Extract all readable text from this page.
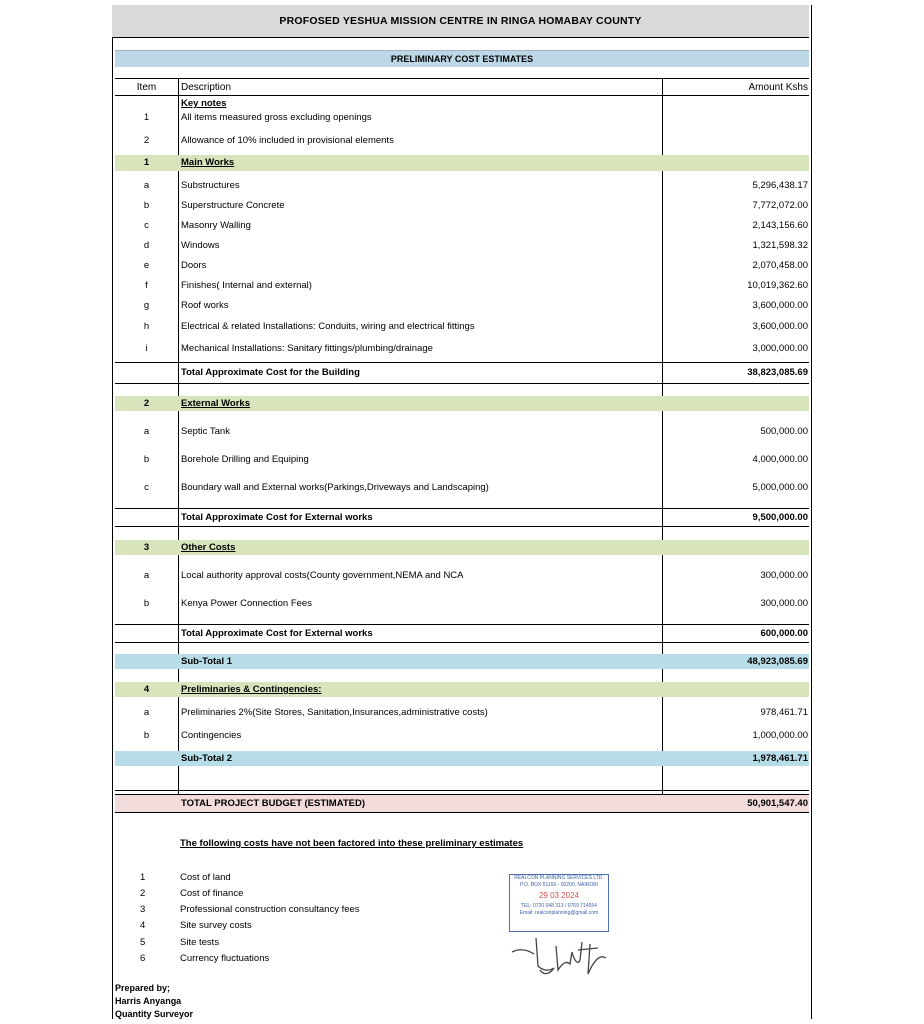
PROFOSED YESHUA MISSION CENTRE IN RINGA HOMABAY COUNTY
PRELIMINARY COST ESTIMATES
Item	Description	Amount Kshs
Key notes
1	All items measured gross excluding openings
2	Allowance of 10% included in provisional elements
1	Main Works
a	Substructures	5,296,438.17
b	Superstructure Concrete	7,772,072.00
c	Masonry Walling	2,143,156.60
d	Windows	1,321,598.32
e	Doors	2,070,458.00
f	Finishes( Internal and external)	10,019,362.60
g	Roof works	3,600,000.00
h	Electrical & related Installations: Conduits, wiring and electrical fittings	3,600,000.00
i	Mechanical Installations: Sanitary fittings/plumbing/drainage	3,000,000.00
Total Approximate Cost for the Building	38,823,085.69
2	External Works
a	Septic Tank	500,000.00
b	Borehole Drilling and Equiping	4,000,000.00
c	Boundary wall and External works(Parkings,Driveways and Landscaping)	5,000,000.00
Total Approximate Cost for External works	9,500,000.00
3	Other Costs
a	Local authority approval costs(County government,NEMA and NCA	300,000.00
b	Kenya Power Connection Fees	300,000.00
Total Approximate Cost for External works	600,000.00
Sub-Total 1	48,923,085.69
4	Preliminaries & Contingencies:
a	Preliminaries 2%(Site Stores, Sanitation,Insurances,administrative costs)	978,461.71
b	Contingencies	1,000,000.00
Sub-Total 2	1,978,461.71
TOTAL PROJECT BUDGET (ESTIMATED)	50,901,547.40
The following costs have not been factored into these preliminary estimates
1	Cost of land
2	Cost of finance
3	Professional construction consultancy fees
4	Site survey costs
5	Site tests
6	Currency fluctuations
REALCON PLANNING SERVICES LTD.
P.O. BOX 51150 - 00200, NAIROBI
29 03 2024
TEL: 0720 048 313 / 0769 714554
Email: realconplanning@gmail.com
Prepared by;
Harris Anyanga
Quantity Surveyor
